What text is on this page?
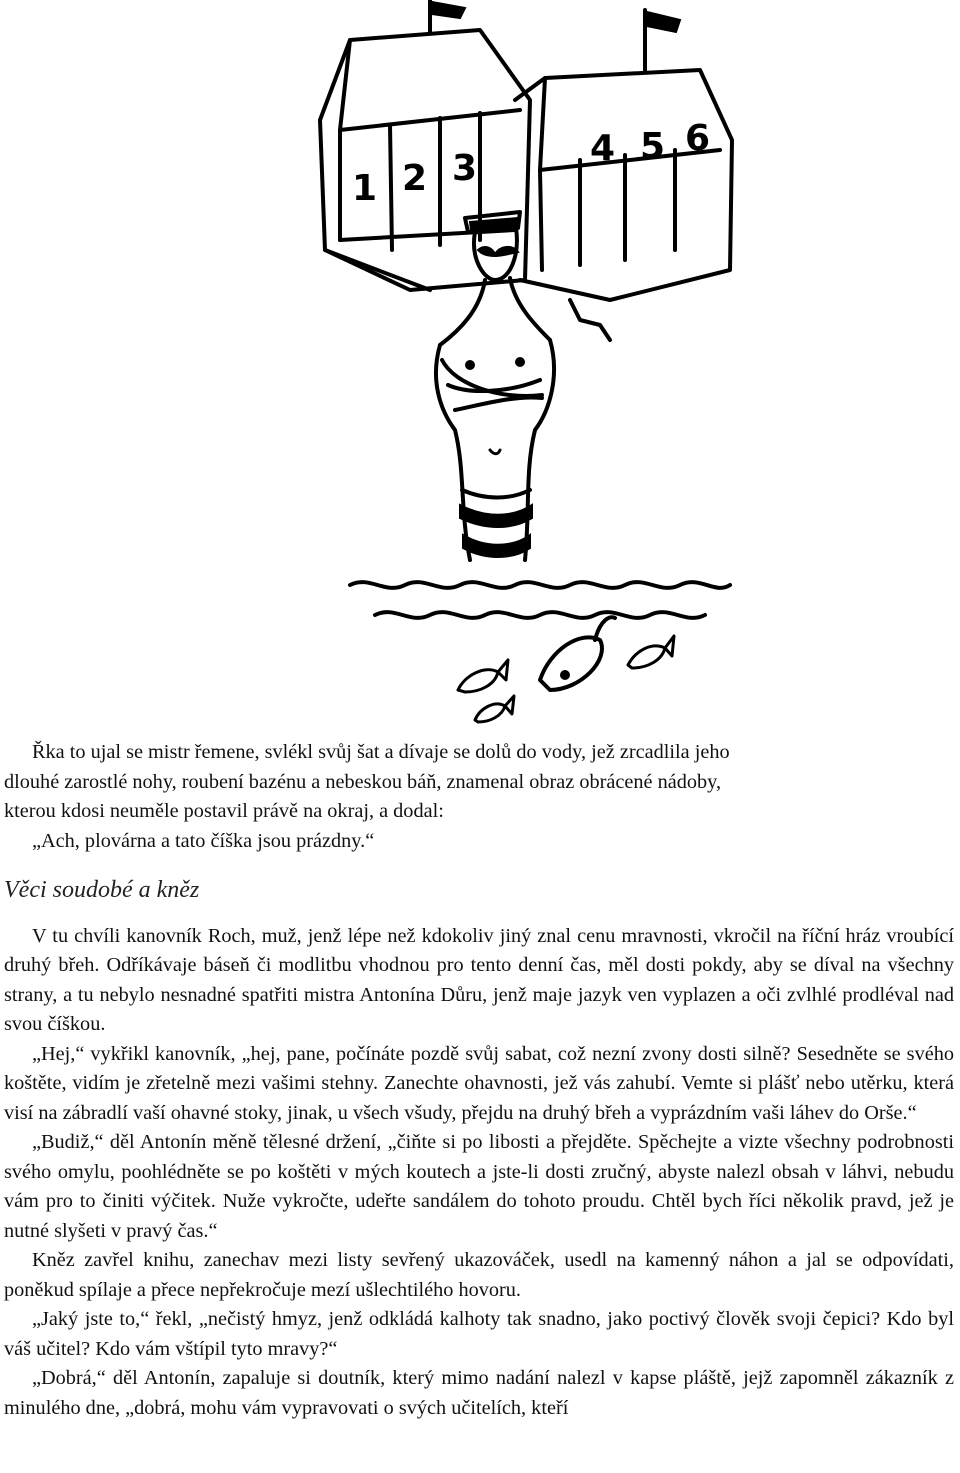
1 2 3	4 5 6
Řka to ujal se mistr řemene, svlékl svůj šat a dívaje se dolů do vody, jež zrcadlila jeho
dlouhé zarostlé nohy, roubení bazénu a nebeskou báň, znamenal obraz obrácené nádoby,
kterou kdosi neuměle postavil právě na okraj, a dodal:
„Ach, plovárna a tato číška jsou prázdny.“
Věci soudobé a kněz

V tu chvíli kanovník Roch, muž, jenž lépe než kdokoliv jiný znal cenu mravnosti, vkročil na říční hráz vroubící druhý břeh. Odříkávaje báseň či modlitbu vhodnou pro tento denní čas, měl dosti pokdy, aby se díval na všechny strany, a tu nebylo nesnadné spatřiti mistra Antonína Důru, jenž maje jazyk ven vyplazen a oči zvlhlé prodléval nad svou číškou.

„Hej,“ vykřikl kanovník, „hej, pane, počínáte pozdě svůj sabat, což nezní zvony dosti silně? Sesedněte se svého koštěte, vidím je zřetelně mezi vašimi stehny. Zanechte ohavnosti, jež vás zahubí. Vemte si plášť nebo utěrku, která visí na zábradlí vaší ohavné stoky, jinak, u všech všudy, přejdu na druhý břeh a vyprázdním vaši láhev do Orše.“

„Budiž,“ děl Antonín měně tělesné držení, „čiňte si po libosti a přejděte. Spěchejte a vizte všechny podrobnosti svého omylu, poohlédněte se po koštěti v mých koutech a jste-li dosti zručný, abyste nalezl obsah v láhvi, nebudu vám pro to činiti výčitek. Nuže vykročte, udeřte sandálem do tohoto proudu. Chtěl bych říci několik pravd, jež je nutné slyšeti v pravý čas.“

Kněz zavřel knihu, zanechav mezi listy sevřený ukazováček, usedl na kamenný náhon a jal se odpovídati, poněkud spílaje a přece nepřekročuje mezí ušlechtilého hovoru.

„Jaký jste to,“ řekl, „nečistý hmyz, jenž odkládá kalhoty tak snadno, jako poctivý člověk svoji čepici? Kdo byl váš učitel? Kdo vám vštípil tyto mravy?“

„Dobrá,“ děl Antonín, zapaluje si doutník, který mimo nadání nalezl v kapse pláště, jejž zapomněl zákazník z minulého dne, „dobrá, mohu vám vypravovati o svých učitelích, kteří
